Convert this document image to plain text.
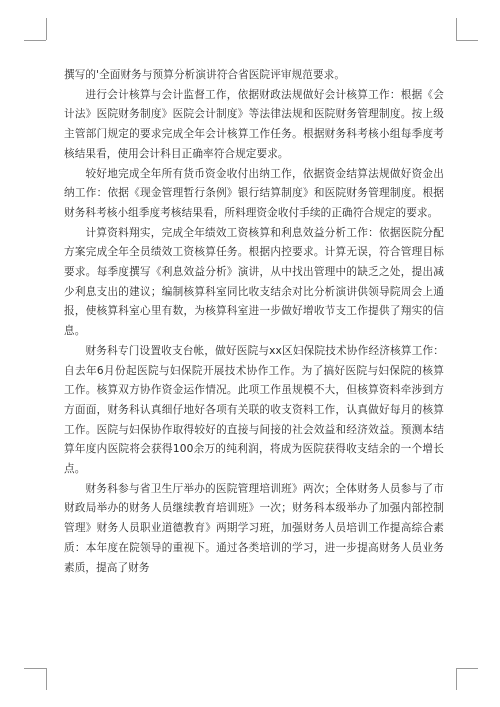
撰写的'全面财务与预算分析演讲符合省医院评审规范要求。

进行会计核算与会计监督工作，依据财政法规做好会计核算工作：根据《会计法》医院财务制度》医院会计制度》等法律法规和医院财务管理制度。按上级主管部门规定的要求完成全年会计核算工作任务。根据财务科考核小组每季度考核结果看，使用会计科目正确率符合规定要求。

较好地完成全年所有货币资金收付出纳工作，依据资金结算法规做好资金出纳工作：依据《现金管理暂行条例》银行结算制度》和医院财务管理制度。根据财务科考核小组季度考核结果看，所料理资金收付手续的正确符合规定的要求。

计算资料翔实，完成全年绩效工资核算和利息效益分析工作：依据医院分配方案完成全年全员绩效工资核算任务。根据内控要求。计算无误，符合管理目标要求。每季度撰写《利息效益分析》演讲，从中找出管理中的缺乏之处，提出减少利息支出的建议；编制核算科室同比收支结余对比分析演讲供领导院周会上通报，使核算科室心里有数，为核算科室进一步做好增收节支工作提供了翔实的信息。

财务科专门设置收支台帐，做好医院与xx区妇保院技术协作经济核算工作：自去年6月份起医院与妇保院开展技术协作工作。为了搞好医院与妇保院的核算工作。核算双方协作资金运作情况。此项工作虽规模不大，但核算资料牵涉到方方面面，财务科认真细仔地好各项有关联的收支资料工作，认真做好每月的核算工作。医院与妇保协作取得较好的直接与间接的社会效益和经济效益。预测本结算年度内医院将会获得100余万的纯利润，将成为医院获得收支结余的一个增长点。

财务科参与省卫生厅举办的医院管理培训班》两次；全体财务人员参与了市财政局举办的财务人员继续教育培训班》一次；财务科本级举办了加强内部控制管理》财务人员职业道德教育》两期学习班，加强财务人员培训工作提高综合素质：本年度在院领导的重视下。通过各类培训的学习，进一步提高财务人员业务素质，提高了财务
